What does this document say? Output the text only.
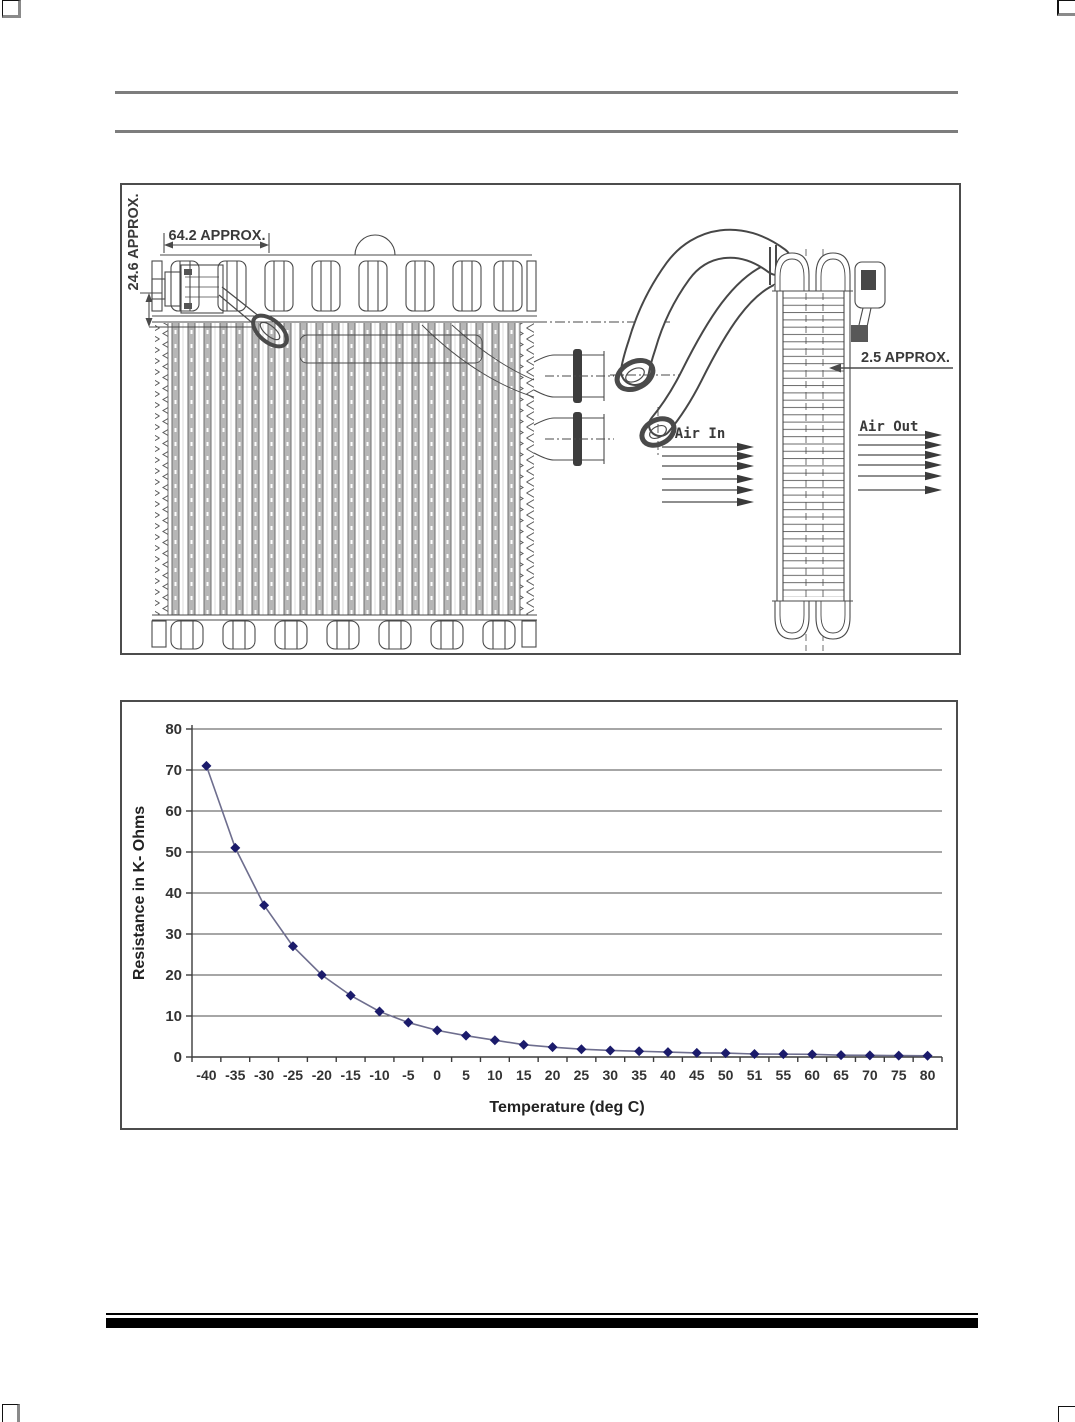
64.2 APPROX.
24.6 APPROX.
2.5 APPROX.
Air In	Air Out
0
10
20
30
40
50
60
70
80
-40 -35 -30 -25 -20 -15 -10 -5 0 5 10 15 20 25 30 35 40 45 50 51 55 60 65 70 75 80
Temperature (deg C)
Resistance in K- Ohms
